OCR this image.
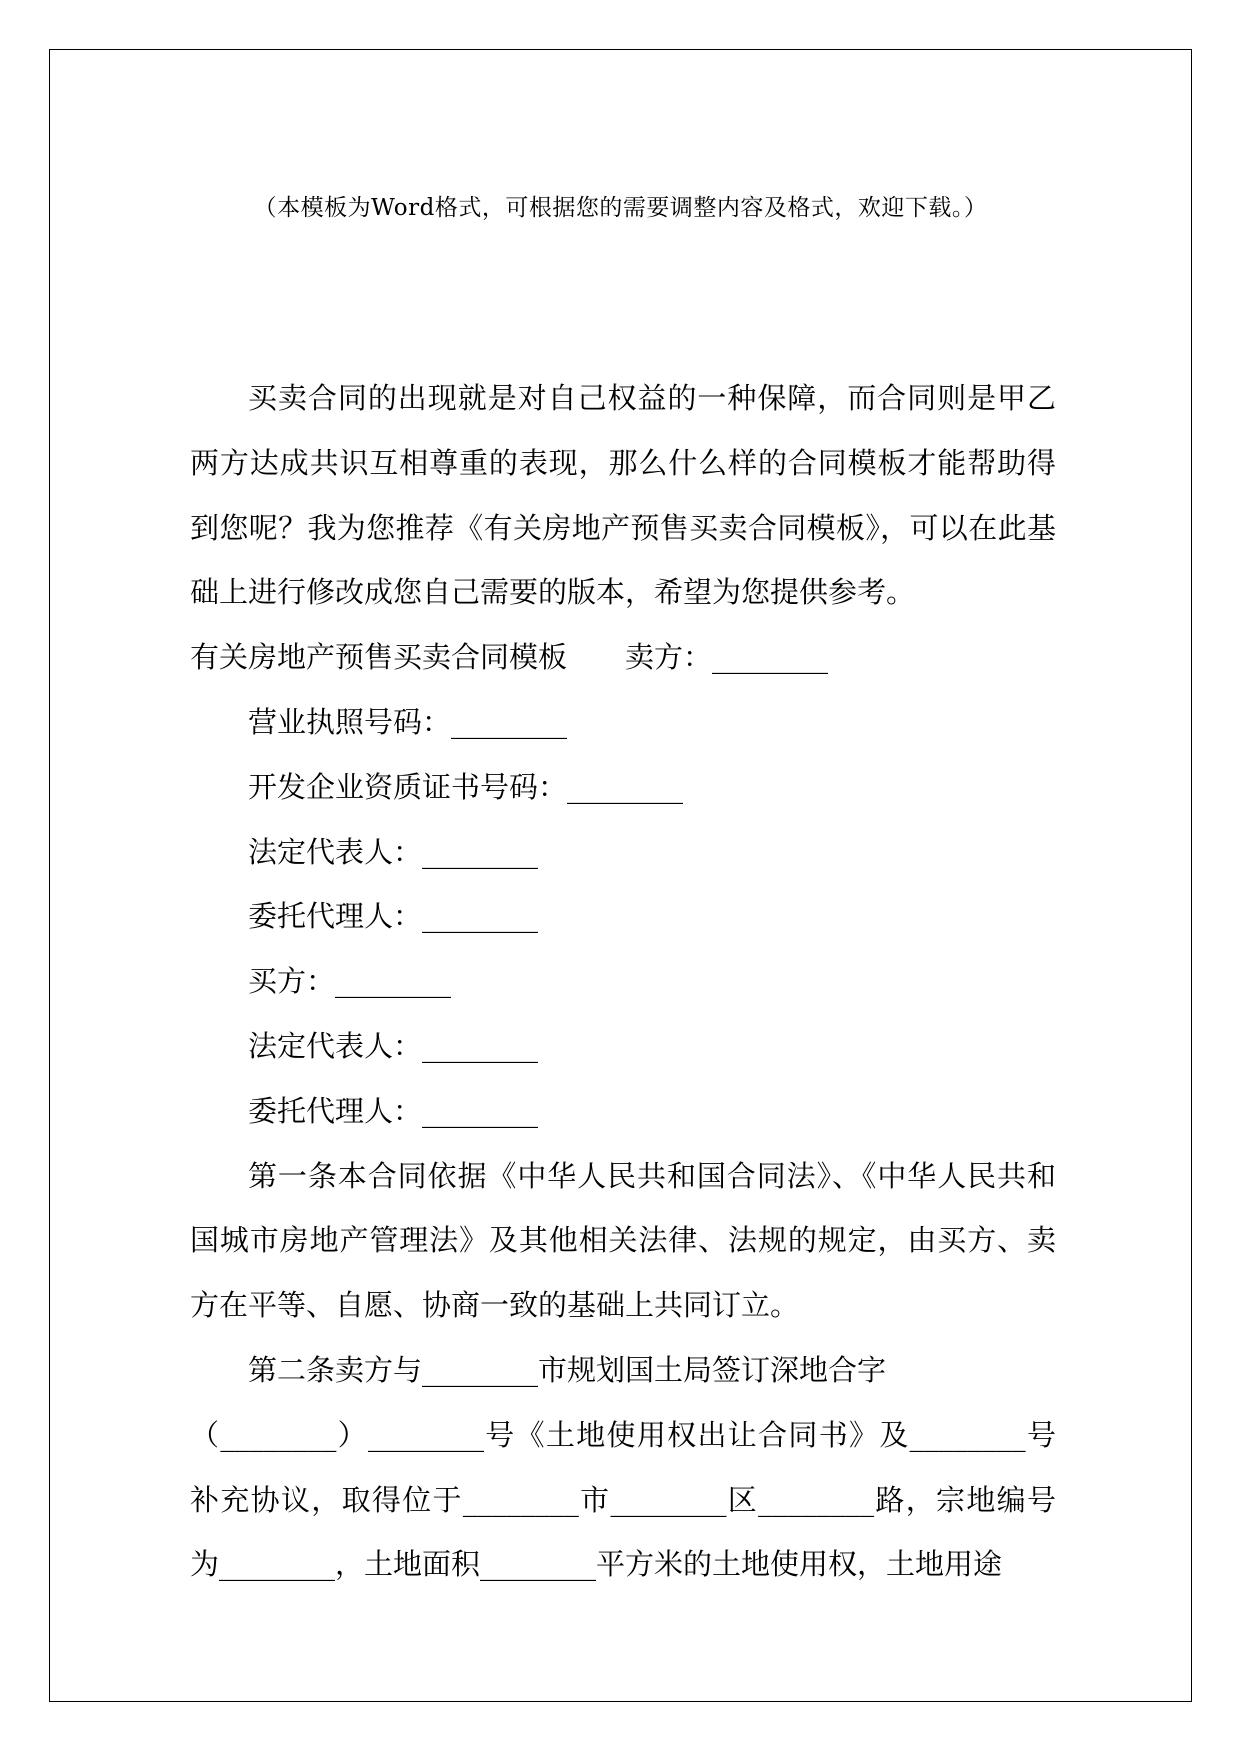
（本模板为Word格式，可根据您的需要调整内容及格式，欢迎下载。）

买卖合同的出现就是对自己权益的一种保障，而合同则是甲乙两方达成共识互相尊重的表现，那么什么样的合同模板才能帮助得到您呢？我为您推荐《有关房地产预售买卖合同模板》，可以在此基础上进行修改成您自己需要的版本，希望为您提供参考。

有关房地产预售买卖合同模板 卖方：________

营业执照号码：________

开发企业资质证书号码：________

法定代表人：________

委托代理人：________

买方：________

法定代表人：________

委托代理人：________

第一条本合同依据《中华人民共和国合同法》、《中华人民共和国城市房地产管理法》及其他相关法律、法规的规定，由买方、卖方在平等、自愿、协商一致的基础上共同订立。

第二条卖方与________市规划国土局签订深地合字

（________）________号《土地使用权出让合同书》及________号补充协议，取得位于________市________区________路，宗地编号为________，土地面积________平方米的土地使用权，土地用途
